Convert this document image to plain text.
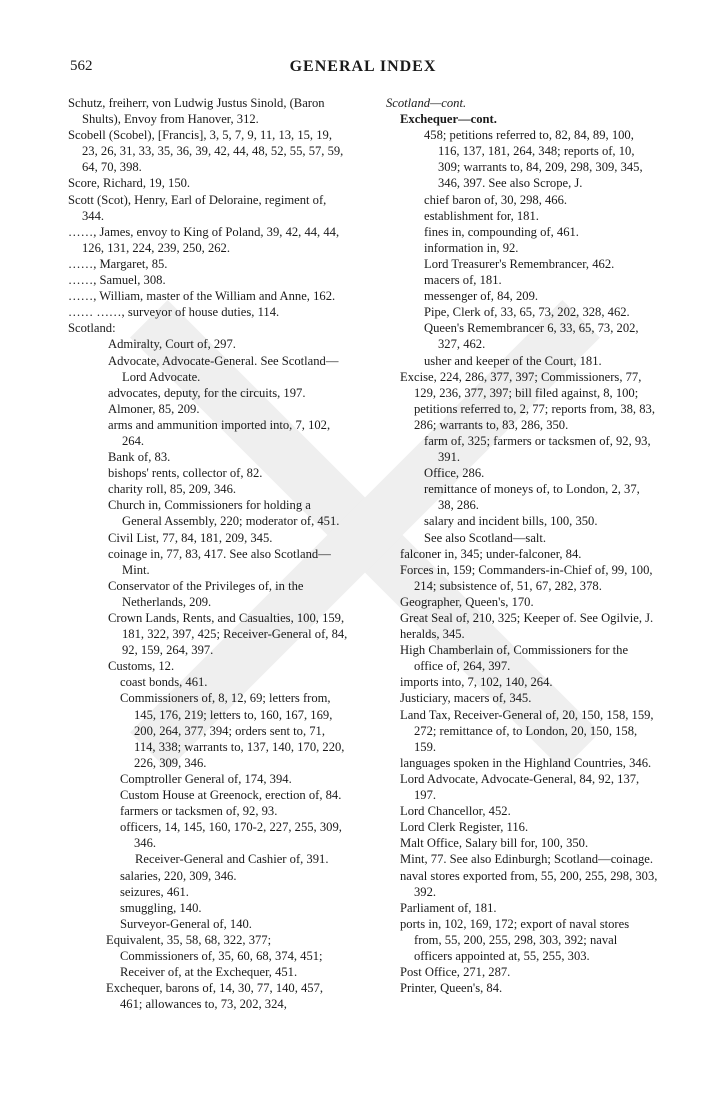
562	GENERAL INDEX
Schutz, freiherr, von Ludwig Justus Sinold, (Baron Shults), Envoy from Hanover, 312.
Scobell (Scobel), [Francis], 3, 5, 7, 9, 11, 13, 15, 19, 23, 26, 31, 33, 35, 36, 39, 42, 44, 48, 52, 55, 57, 59, 64, 70, 398.
Score, Richard, 19, 150.
Scott (Scot), Henry, Earl of Deloraine, regiment of, 344.
……, James, envoy to King of Poland, 39, 42, 44, 44, 126, 131, 224, 239, 250, 262.
……, Margaret, 85.
……, Samuel, 308.
……, William, master of the William and Anne, 162.
…… ……, surveyor of house duties, 114.
Scotland:
Admiralty, Court of, 297.
Advocate, Advocate-General. See Scotland—Lord Advocate.
advocates, deputy, for the circuits, 197.
Almoner, 85, 209.
arms and ammunition imported into, 7, 102, 264.
Bank of, 83.
bishops' rents, collector of, 82.
charity roll, 85, 209, 346.
Church in, Commissioners for holding a General Assembly, 220; moderator of, 451.
Civil List, 77, 84, 181, 209, 345.
coinage in, 77, 83, 417. See also Scotland—Mint.
Conservator of the Privileges of, in the Netherlands, 209.
Crown Lands, Rents, and Casualties, 100, 159, 181, 322, 397, 425; Receiver-General of, 84, 92, 159, 264, 397.
Customs, 12.
coast bonds, 461.
Commissioners of, 8, 12, 69; letters from, 145, 176, 219; letters to, 160, 167, 169, 200, 264, 377, 394; orders sent to, 71, 114, 338; warrants to, 137, 140, 170, 220, 226, 309, 346.
Comptroller General of, 174, 394.
Custom House at Greenock, erection of, 84.
farmers or tacksmen of, 92, 93.
officers, 14, 145, 160, 170-2, 227, 255, 309, 346.
Receiver-General and Cashier of, 391.
salaries, 220, 309, 346.
seizures, 461.
smuggling, 140.
Surveyor-General of, 140.
Equivalent, 35, 58, 68, 322, 377; Commissioners of, 35, 60, 68, 374, 451; Receiver of, at the Exchequer, 451.
Exchequer, barons of, 14, 30, 77, 140, 457, 461; allowances to, 73, 202, 324,
Scotland—cont.
Exchequer—cont.
458; petitions referred to, 82, 84, 89, 100, 116, 137, 181, 264, 348; reports of, 10, 309; warrants to, 84, 209, 298, 309, 345, 346, 397. See also Scrope, J.
chief baron of, 30, 298, 466.
establishment for, 181.
fines in, compounding of, 461.
information in, 92.
Lord Treasurer's Remembrancer, 462.
macers of, 181.
messenger of, 84, 209.
Pipe, Clerk of, 33, 65, 73, 202, 328, 462.
Queen's Remembrancer 6, 33, 65, 73, 202, 327, 462.
usher and keeper of the Court, 181.
Excise, 224, 286, 377, 397; Commissioners, 77, 129, 236, 377, 397; bill filed against, 8, 100; petitions referred to, 2, 77; reports from, 38, 83, 286; warrants to, 83, 286, 350.
farm of, 325; farmers or tacksmen of, 92, 93, 391.
Office, 286.
remittance of moneys of, to London, 2, 37, 38, 286.
salary and incident bills, 100, 350.
See also Scotland—salt.
falconer in, 345; under-falconer, 84.
Forces in, 159; Commanders-in-Chief of, 99, 100, 214; subsistence of, 51, 67, 282, 378.
Geographer, Queen's, 170.
Great Seal of, 210, 325; Keeper of. See Ogilvie, J.
heralds, 345.
High Chamberlain of, Commissioners for the office of, 264, 397.
imports into, 7, 102, 140, 264.
Justiciary, macers of, 345.
Land Tax, Receiver-General of, 20, 150, 158, 159, 272; remittance of, to London, 20, 150, 158, 159.
languages spoken in the Highland Countries, 346.
Lord Advocate, Advocate-General, 84, 92, 137, 197.
Lord Chancellor, 452.
Lord Clerk Register, 116.
Malt Office, Salary bill for, 100, 350.
Mint, 77. See also Edinburgh; Scotland—coinage.
naval stores exported from, 55, 200, 255, 298, 303, 392.
Parliament of, 181.
ports in, 102, 169, 172; export of naval stores from, 55, 200, 255, 298, 303, 392; naval officers appointed at, 55, 255, 303.
Post Office, 271, 287.
Printer, Queen's, 84.
